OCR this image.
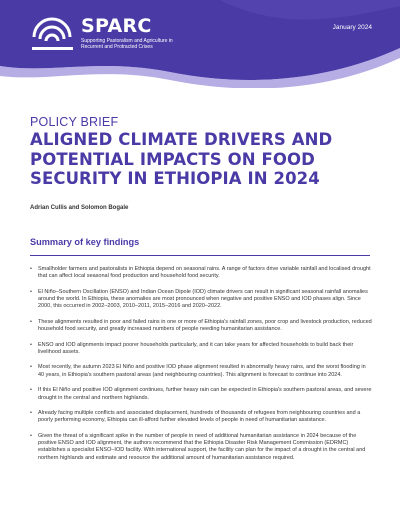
SPARC
Supporting Pastoralism and Agriculture in Recurrent and Protracted Crises
January 2024
POLICY BRIEF
ALIGNED CLIMATE DRIVERS AND POTENTIAL IMPACTS ON FOOD SECURITY IN ETHIOPIA IN 2024
Adrian Cullis and Solomon Bogale
Summary of key findings
• Smallholder farmers and pastoralists in Ethiopia depend on seasonal rains. A range of factors drive variable rainfall and localised drought that can affect local seasonal food production and household food security.
• El Niño–Southern Oscillation (ENSO) and Indian Ocean Dipole (IOD) climate drivers can result in significant seasonal rainfall anomalies around the world. In Ethiopia, these anomalies are most pronounced when negative and positive ENSO and IOD phases align. Since 2000, this occurred in 2002–2003, 2010–2011, 2015–2016 and 2020–2022.
• These alignments resulted in poor and failed rains in one or more of Ethiopia's rainfall zones, poor crop and livestock production, reduced household food security, and greatly increased numbers of people needing humanitarian assistance.
• ENSO and IOD alignments impact poorer households particularly, and it can take years for affected households to build back their livelihood assets.
• Most recently, the autumn 2023 El Niño and positive IOD phase alignment resulted in abnormally heavy rains, and the worst flooding in 40 years, in Ethiopia's southern pastoral areas (and neighbouring countries). This alignment is forecast to continue into 2024.
• If this El Niño and positive IOD alignment continues, further heavy rain can be expected in Ethiopia's southern pastoral areas, and severe drought in the central and northern highlands.
• Already facing multiple conflicts and associated displacement, hundreds of thousands of refugees from neighbouring countries and a poorly performing economy, Ethiopia can ill-afford further elevated levels of people in need of humanitarian assistance.
• Given the threat of a significant spike in the number of people in need of additional humanitarian assistance in 2024 because of the positive ENSO and IOD alignment, the authors recommend that the Ethiopia Disaster Risk Management Commission (EDRMC) establishes a specialist ENSO–IOD facility. With international support, the facility can plan for the impact of a drought in the central and northern highlands and estimate and resource the additional amount of humanitarian assistance required.
